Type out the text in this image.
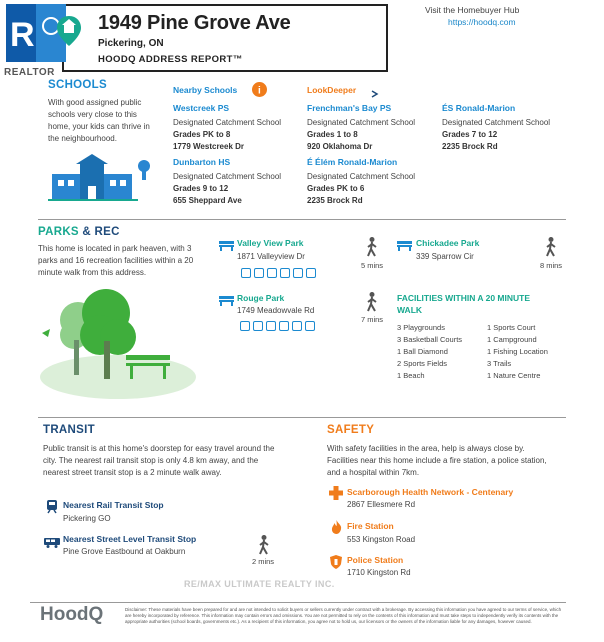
R
REALTOR
1949 Pine Grove Ave
Pickering, ON
HOODQ ADDRESS REPORT™
Visit the Homebuyer Hub
https://hoodq.com
SCHOOLS
With good assigned public schools very close to this home, your kids can thrive in the neighbourhood.
Nearby Schools i	LookDeeper
Westcreek PS
Designated Catchment School
Grades PK to 8
1779 Westcreek Dr
Frenchman's Bay PS
Designated Catchment School
Grades 1 to 8
920 Oklahoma Dr
ÉS Ronald-Marion
Designated Catchment School
Grades 7 to 12
2235 Brock Rd
Dunbarton HS
Designated Catchment School
Grades 9 to 12
655 Sheppard Ave
É Élém Ronald-Marion
Designated Catchment School
Grades PK to 6
2235 Brock Rd
PARKS & REC
This home is located in park heaven, with 3 parks and 16 recreation facilities within a 20 minute walk from this address.
Valley View Park
1871 Valleyview Dr
5 mins
Chickadee Park
339 Sparrow Cir
8 mins
Rouge Park
1749 Meadowvale Rd
7 mins
FACILITIES WITHIN A 20 MINUTE WALK
3 Playgrounds
3 Basketball Courts
1 Ball Diamond
2 Sports Fields
1 Beach
1 Sports Court
1 Campground
1 Fishing Location
3 Trails
1 Nature Centre
TRANSIT
Public transit is at this home's doorstep for easy travel around the city. The nearest rail transit stop is only 4.8 km away, and the nearest street transit stop is a 2 minute walk away.
Nearest Rail Transit Stop
Pickering GO
Nearest Street Level Transit Stop
Pine Grove Eastbound at Oakburn
2 mins
SAFETY
With safety facilities in the area, help is always close by. Facilities near this home include a fire station, a police station, and a hospital within 7km.
Scarborough Health Network - Centenary
2867 Ellesmere Rd
Fire Station
553 Kingston Road
Police Station
1710 Kingston Rd
RE/MAX ULTIMATE REALTY INC.
HoodQ	Disclaimer: These materials have been prepared for and are not intended to solicit buyers or sellers currently under contract with a brokerage. By accessing this information you have agreed to our terms of service, which are hereby incorporated by reference. This information may contain errors and omissions. You are not permitted to rely on the contents of this information and must take steps to independently verify its contents with the appropriate authorities (school boards, governments etc.). As a recipient of this information, you agree not to hold us, our licensors or the owners of the information liable for any damages, however caused.
